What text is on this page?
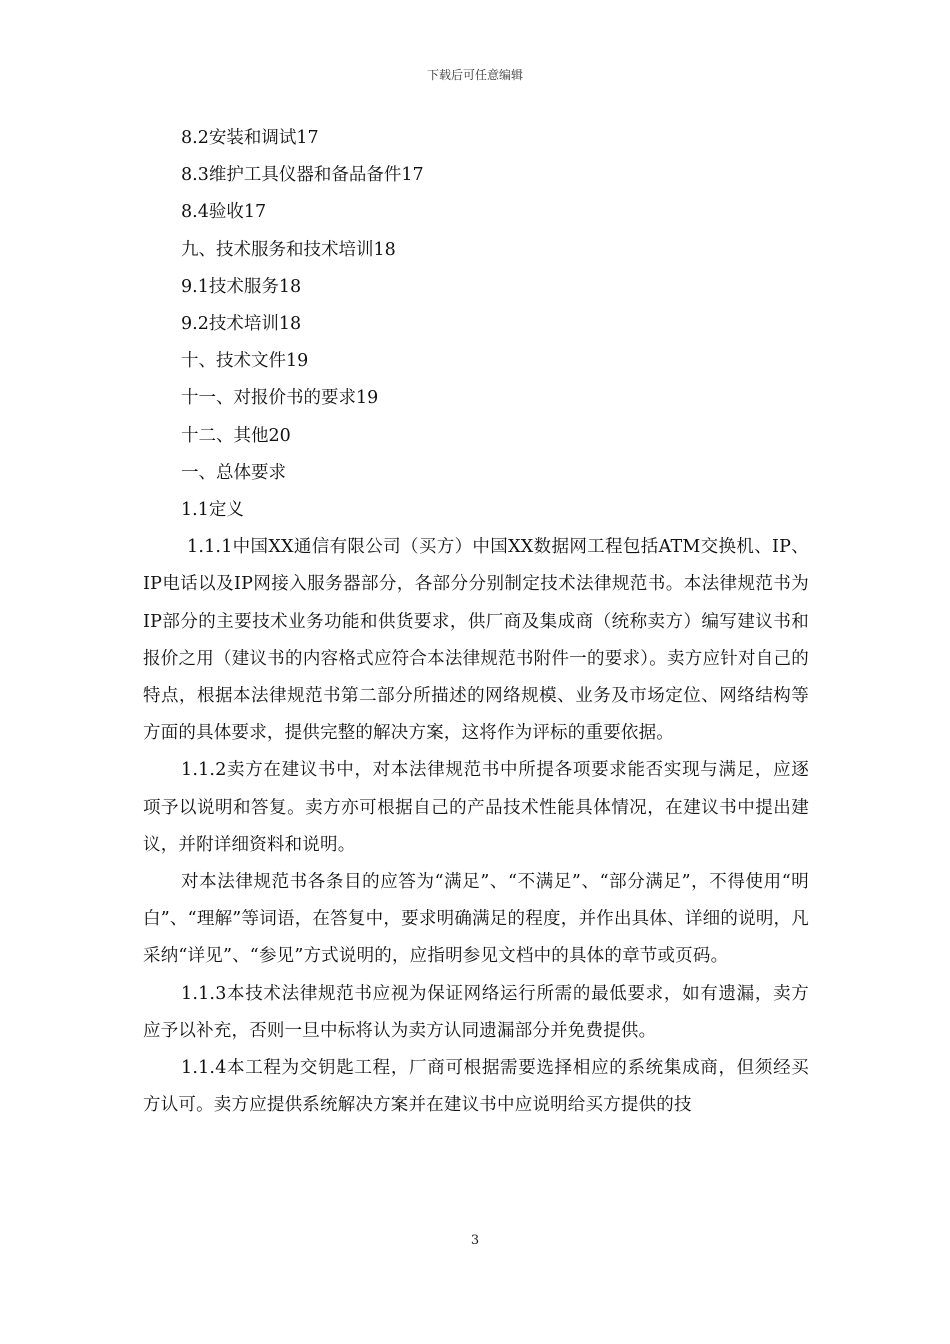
下载后可任意编辑

8.2安装和调试17

8.3维护工具仪器和备品备件17

8.4验收17

九、技术服务和技术培训18

9.1技术服务18

9.2技术培训18

十、技术文件19

十一、对报价书的要求19

十二、其他20

一、总体要求

1.1定义

1.1.1中国XX通信有限公司（买方）中国XX数据网工程包括ATM交换机、IP、IP电话以及IP网接入服务器部分，各部分分别制定技术法律规范书。本法律规范书为IP部分的主要技术业务功能和供货要求，供厂商及集成商（统称卖方）编写建议书和报价之用（建议书的内容格式应符合本法律规范书附件一的要求）。卖方应针对自己的特点，根据本法律规范书第二部分所描述的网络规模、业务及市场定位、网络结构等方面的具体要求，提供完整的解决方案，这将作为评标的重要依据。

1.1.2卖方在建议书中，对本法律规范书中所提各项要求能否实现与满足，应逐项予以说明和答复。卖方亦可根据自己的产品技术性能具体情况，在建议书中提出建议，并附详细资料和说明。

对本法律规范书各条目的应答为“满足”、“不满足”、“部分满足”，不得使用“明白”、“理解”等词语，在答复中，要求明确满足的程度，并作出具体、详细的说明，凡采纳“详见”、“参见”方式说明的，应指明参见文档中的具体的章节或页码。

1.1.3本技术法律规范书应视为保证网络运行所需的最低要求，如有遗漏，卖方应予以补充，否则一旦中标将认为卖方认同遗漏部分并免费提供。

1.1.4本工程为交钥匙工程，厂商可根据需要选择相应的系统集成商，但须经买方认可。卖方应提供系统解决方案并在建议书中应说明给买方提供的技

3
